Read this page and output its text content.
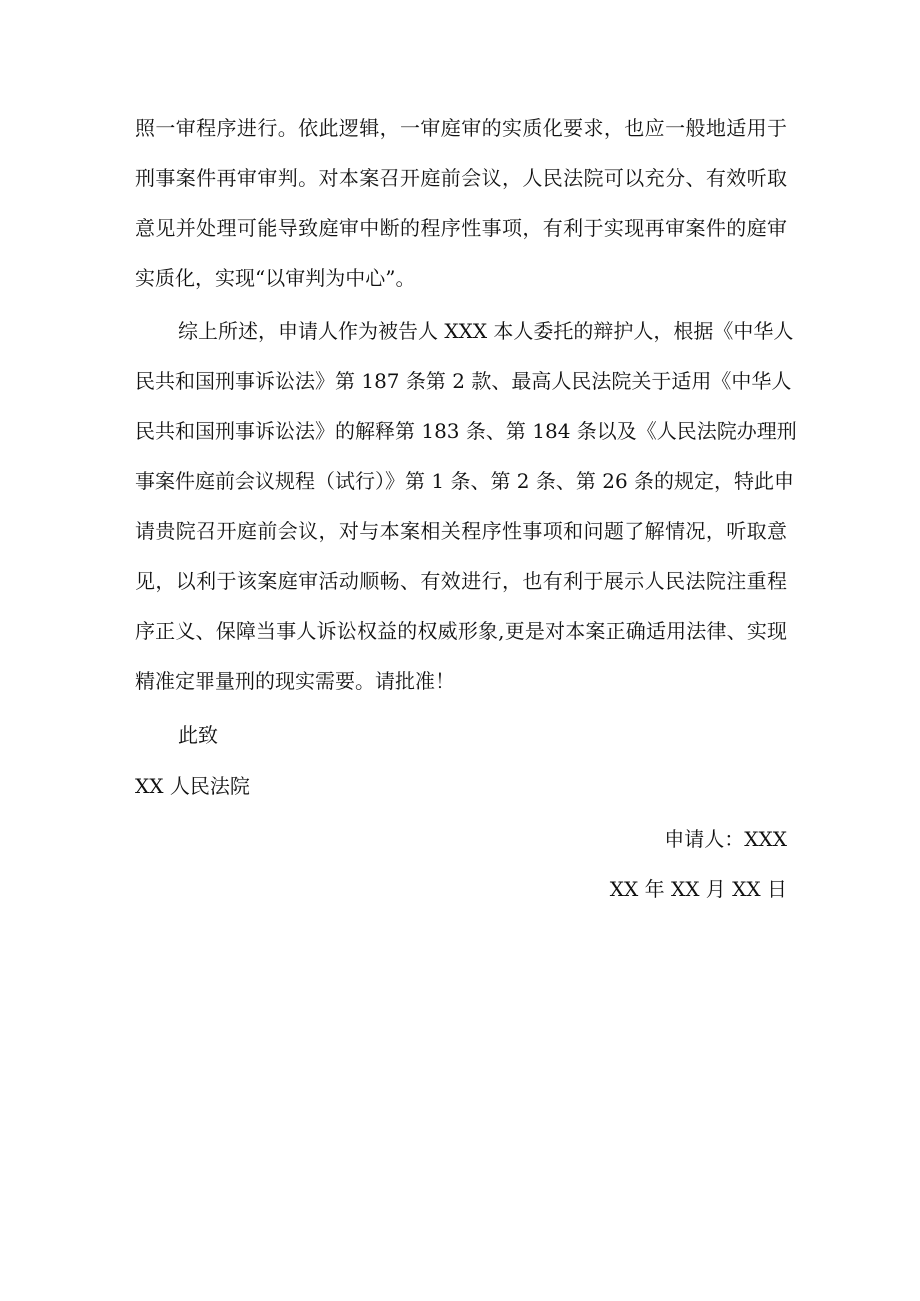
照一审程序进行。依此逻辑，一审庭审的实质化要求，也应一般地适用于
刑事案件再审审判。对本案召开庭前会议，人民法院可以充分、有效听取
意见并处理可能导致庭审中断的程序性事项，有利于实现再审案件的庭审
实质化，实现“以审判为中心”。
综上所述，申请人作为被告人 XXX 本人委托的辩护人，根据《中华人
民共和国刑事诉讼法》第 187 条第 2 款、最高人民法院关于适用《中华人
民共和国刑事诉讼法》的解释第 183 条、第 184 条以及《人民法院办理刑
事案件庭前会议规程（试行）》第 1 条、第 2 条、第 26 条的规定，特此申
请贵院召开庭前会议，对与本案相关程序性事项和问题了解情况，听取意
见，以利于该案庭审活动顺畅、有效进行，也有利于展示人民法院注重程
序正义、保障当事人诉讼权益的权威形象,更是对本案正确适用法律、实现
精准定罪量刑的现实需要。请批准！
此致
XX 人民法院
申请人：XXX
XX 年 XX 月 XX 日
